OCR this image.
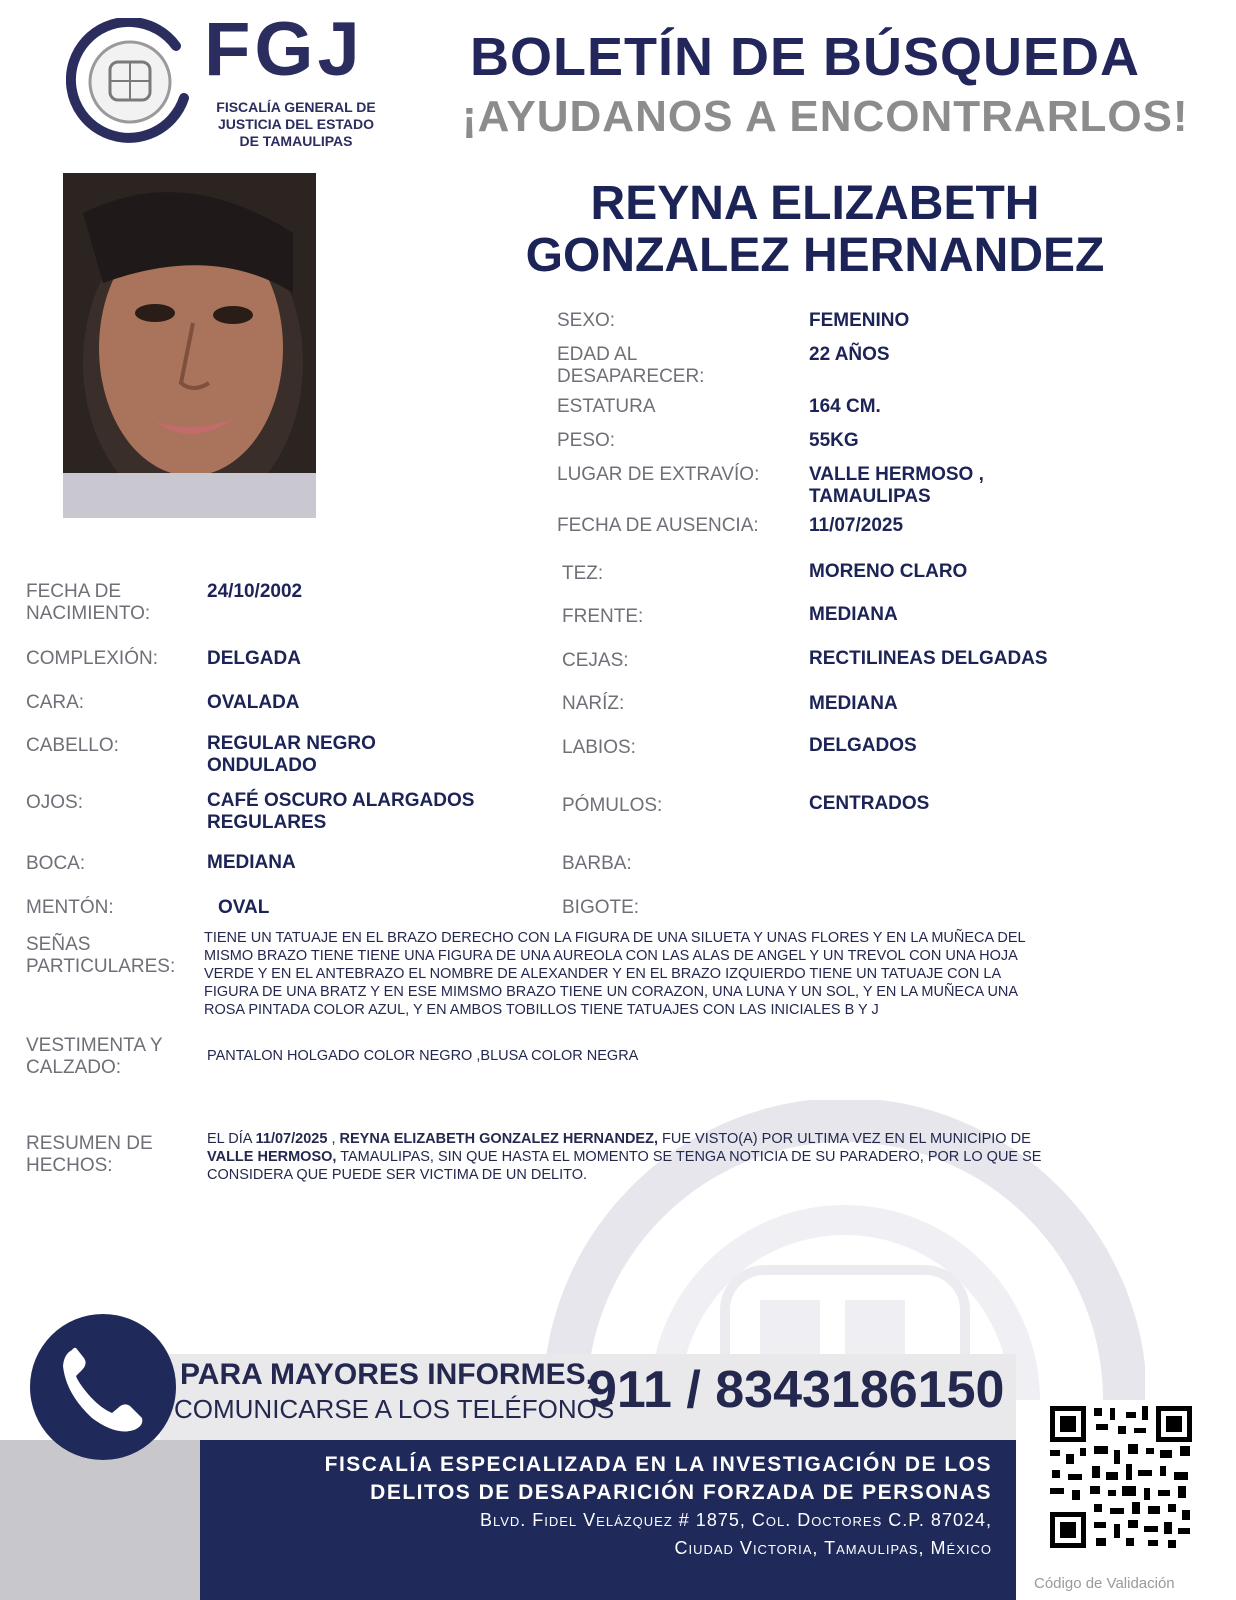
FGJ
FISCALÍA GENERAL DE
JUSTICIA DEL ESTADO
DE TAMAULIPAS
BOLETÍN DE BÚSQUEDA
¡AYUDANOS A ENCONTRARLOS!
REYNA ELIZABETH
GONZALEZ HERNANDEZ
SEXO:	FEMENINO
EDAD AL
DESAPARECER:
22 AÑOS
ESTATURA	164 CM.
PESO:	55KG
LUGAR DE EXTRAVÍO:	VALLE HERMOSO ,
TAMAULIPAS
FECHA DE AUSENCIA:	11/07/2025
FECHA DE
NACIMIENTO:
24/10/2002
COMPLEXIÓN:	DELGADA
CARA:	OVALADA
CABELLO:	REGULAR NEGRO
ONDULADO
OJOS:	CAFÉ OSCURO ALARGADOS
REGULARES
BOCA:	MEDIANA
MENTÓN:	OVAL
TEZ:	MORENO CLARO
FRENTE:	MEDIANA
CEJAS:	RECTILINEAS DELGADAS
NARÍZ:	MEDIANA
LABIOS:	DELGADOS
PÓMULOS:	CENTRADOS
BARBA:
BIGOTE:
SEÑAS
PARTICULARES:
TIENE UN TATUAJE EN EL BRAZO DERECHO CON LA FIGURA DE UNA SILUETA Y UNAS FLORES Y EN LA MUÑECA DEL
MISMO BRAZO TIENE TIENE UNA FIGURA DE UNA AUREOLA CON LAS ALAS DE ANGEL Y UN TREVOL CON UNA HOJA
VERDE Y EN EL ANTEBRAZO EL NOMBRE DE ALEXANDER Y EN EL BRAZO IZQUIERDO TIENE UN TATUAJE CON LA
FIGURA DE UNA BRATZ Y EN ESE MIMSMO BRAZO TIENE UN CORAZON, UNA LUNA Y UN SOL, Y EN LA MUÑECA UNA
ROSA PINTADA COLOR AZUL, Y EN AMBOS TOBILLOS TIENE TATUAJES CON LAS INICIALES B Y J
VESTIMENTA Y
CALZADO:
PANTALON HOLGADO COLOR NEGRO ,BLUSA COLOR NEGRA
RESUMEN DE
HECHOS:
EL DÍA 11/07/2025 , REYNA ELIZABETH GONZALEZ HERNANDEZ, FUE VISTO(A) POR ULTIMA VEZ EN EL MUNICIPIO DE
VALLE HERMOSO, TAMAULIPAS, SIN QUE HASTA EL MOMENTO SE TENGA NOTICIA DE SU PARADERO, POR LO QUE SE
CONSIDERA QUE PUEDE SER VICTIMA DE UN DELITO.
PARA MAYORES INFORMES,
COMUNICARSE A LOS TELÉFONOS
911 / 8343186150
FISCALÍA ESPECIALIZADA EN LA INVESTIGACIÓN DE LOS
DELITOS DE DESAPARICIÓN FORZADA DE PERSONAS
Blvd. Fidel Velázquez # 1875, Col. Doctores C.P. 87024,
Ciudad Victoria, Tamaulipas, México
Código de Validación
